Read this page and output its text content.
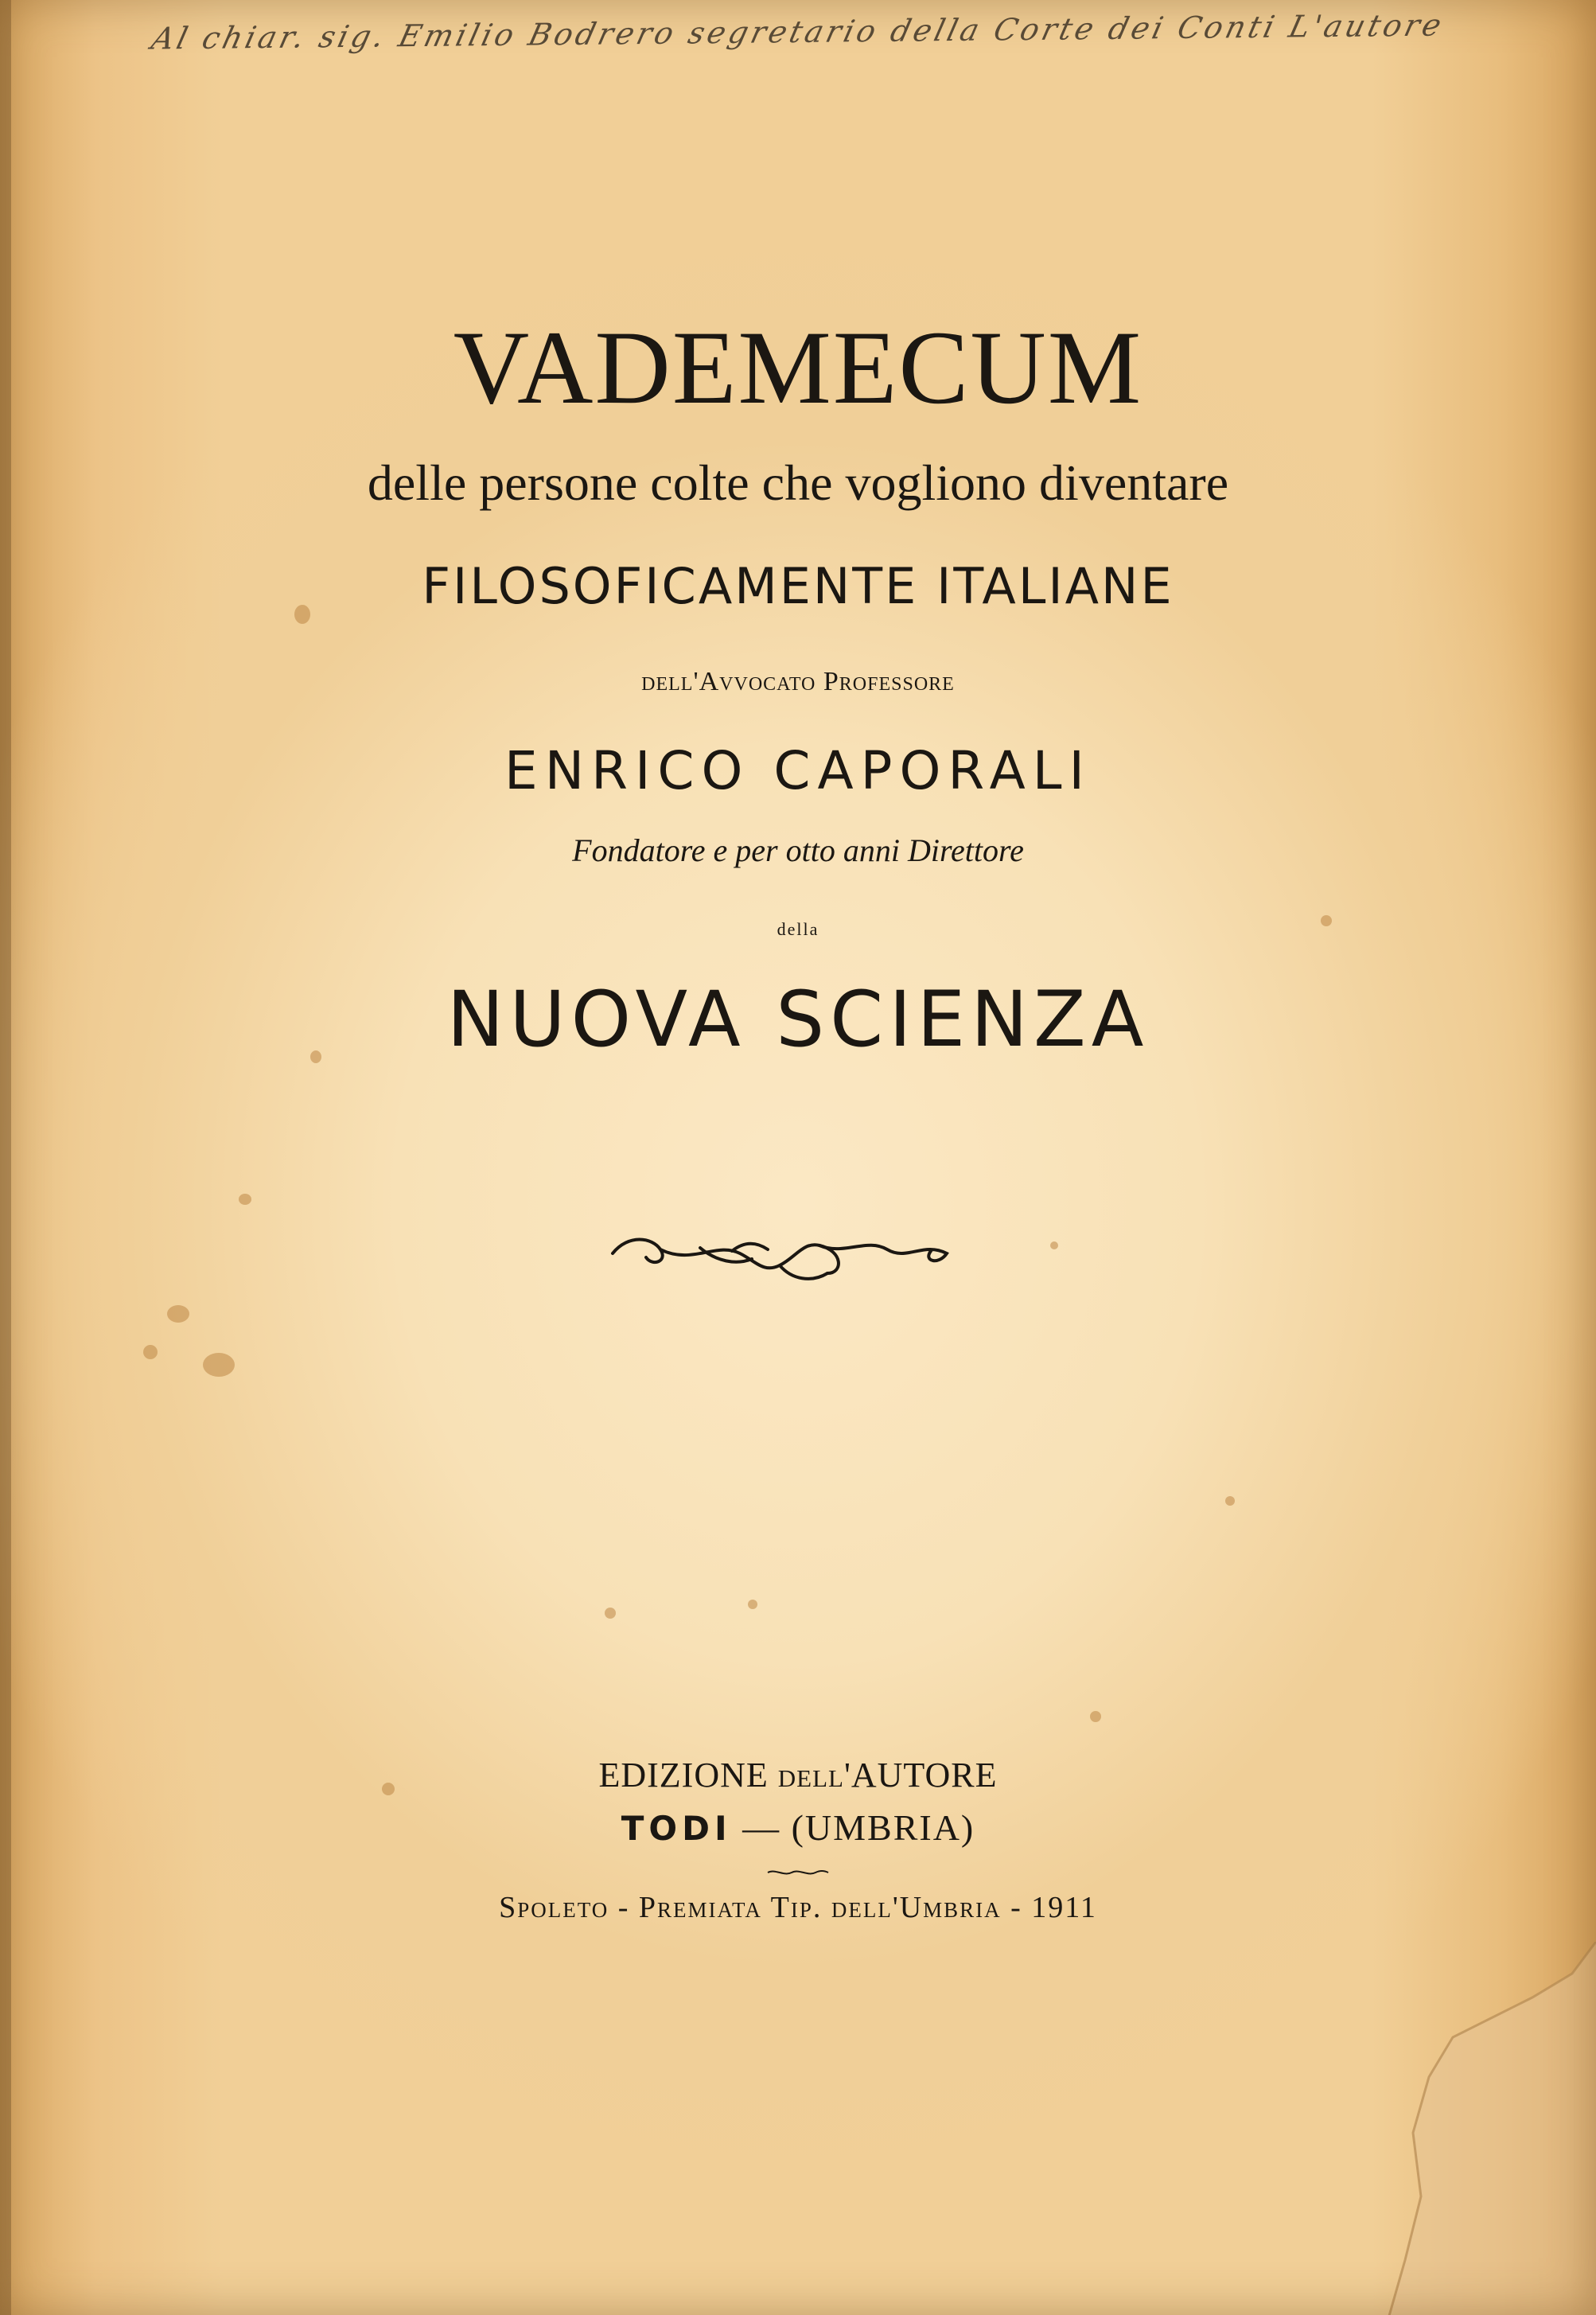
Al chiar. sig. Emilio Bodrero segretario della Corte dei Conti L'autore
VADEMECUM
delle persone colte che vogliono diventare
FILOSOFICAMENTE ITALIANE
dell'Avvocato Professore
ENRICO CAPORALI
Fondatore e per otto anni Direttore
della
NUOVA SCIENZA
EDIZIONE dell'AUTORE
TODI — (UMBRIA)
Spoleto - Premiata Tip. dell'Umbria - 1911
